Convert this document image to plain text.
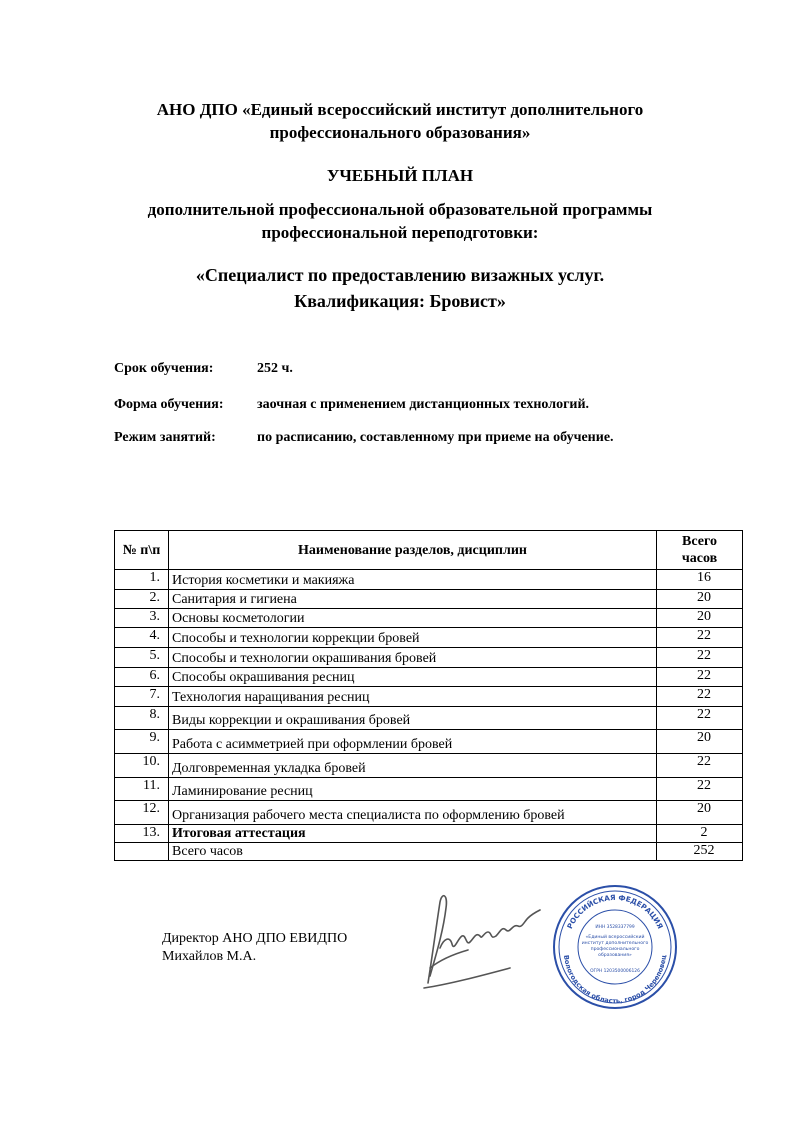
АНО ДПО «Единый всероссийский институт дополнительного
профессионального образования»
УЧЕБНЫЙ ПЛАН
дополнительной профессиональной образовательной программы
профессиональной переподготовки:
«Специалист по предоставлению визажных услуг.
Квалификация: Бровист»
Срок обучения:	252 ч.
Форма обучения: заочная с применением дистанционных технологий.
Режим занятий:	по расписанию, составленному при приеме на обучение.
№ п\п	Наименование разделов, дисциплин	Всего
часов

1.	История косметики и макияжа	16
2.	Санитария и гигиена	20
3.	Основы косметологии	20
4.	Способы и технологии коррекции бровей	22
5.	Способы и технологии окрашивания бровей	22
6.	Способы окрашивания ресниц	22
7.	Технология наращивания ресниц	22
8.	Виды коррекции и окрашивания бровей	22
9.	Работа с асимметрией при оформлении бровей	20
10.	Долговременная укладка бровей	22
11.	Ламинирование ресниц	22
12.	Организация рабочего места специалиста по оформлению бровей	20
13.	Итоговая аттестация	2
	Всего часов	252
Директор АНО ДПО ЕВИДПО
Михайлов М.А.
РОССИЙСКАЯ ФЕДЕРАЦИЯ
Вологодская область, город Череповец
ИНН 3528337799
ОГРН 1203500006126
«Единый всероссийский
институт дополнительного
профессионального
образования»
